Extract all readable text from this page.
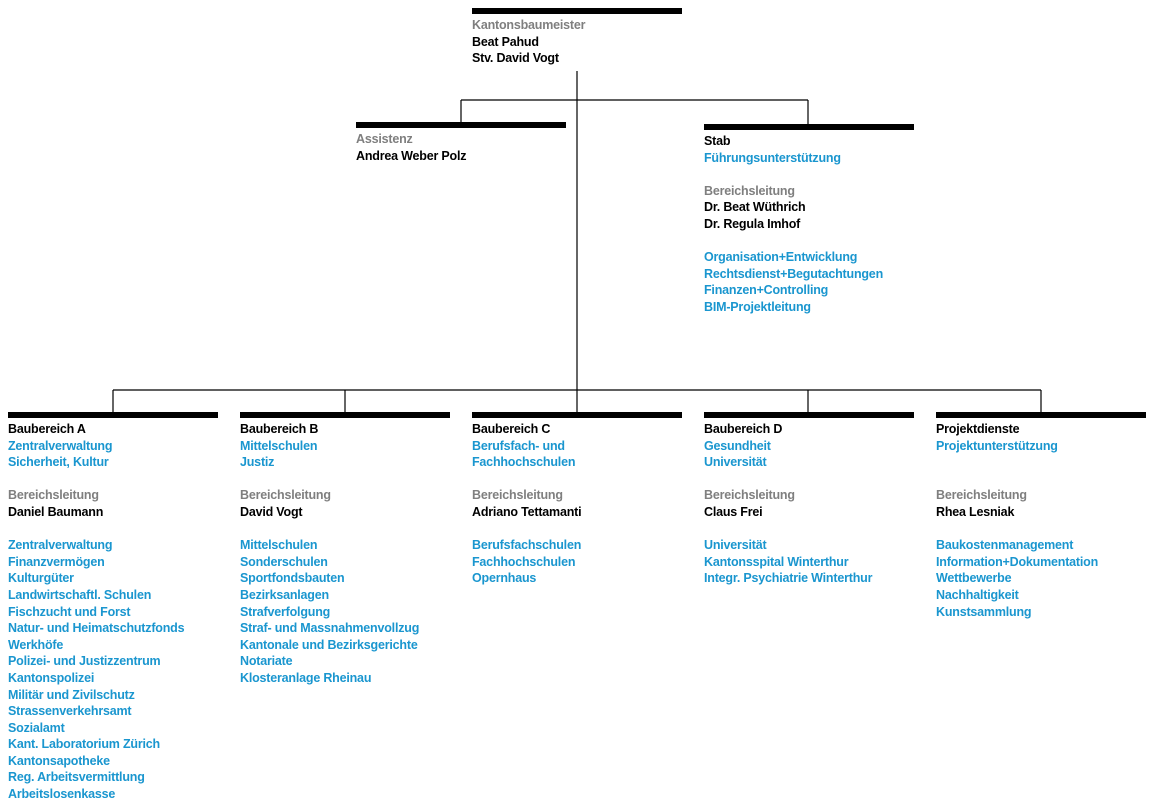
Kantonsbaumeister
Beat Pahud
Stv. David Vogt
Assistenz
Andrea Weber Polz
Stab
Führungsunterstützung
Bereichsleitung
Dr. Beat Wüthrich
Dr. Regula Imhof
Organisation+Entwicklung
Rechtsdienst+Begutachtungen
Finanzen+Controlling
BIM-Projektleitung
Baubereich A
Zentralverwaltung
Sicherheit, Kultur
Bereichsleitung
Daniel Baumann
Zentralverwaltung
Finanzvermögen
Kulturgüter
Landwirtschaftl. Schulen
Fischzucht und Forst
Natur- und Heimatschutzfonds
Werkhöfe
Polizei- und Justizzentrum
Kantonspolizei
Militär und Zivilschutz
Strassenverkehrsamt
Sozialamt
Kant. Laboratorium Zürich
Kantonsapotheke
Reg. Arbeitsvermittlung
Arbeitslosenkasse
Baubereich B
Mittelschulen
Justiz
Bereichsleitung
David Vogt
Mittelschulen
Sonderschulen
Sportfondsbauten
Bezirksanlagen
Strafverfolgung
Straf- und Massnahmenvollzug
Kantonale und Bezirksgerichte
Notariate
Klosteranlage Rheinau
Baubereich C
Berufsfach- und
Fachhochschulen
Bereichsleitung
Adriano Tettamanti
Berufsfachschulen
Fachhochschulen
Opernhaus
Baubereich D
Gesundheit
Universität
Bereichsleitung
Claus Frei
Universität
Kantonsspital Winterthur
Integr. Psychiatrie Winterthur
Projektdienste
Projektunterstützung
Bereichsleitung
Rhea Lesniak
Baukostenmanagement
Information+Dokumentation
Wettbewerbe
Nachhaltigkeit
Kunstsammlung
